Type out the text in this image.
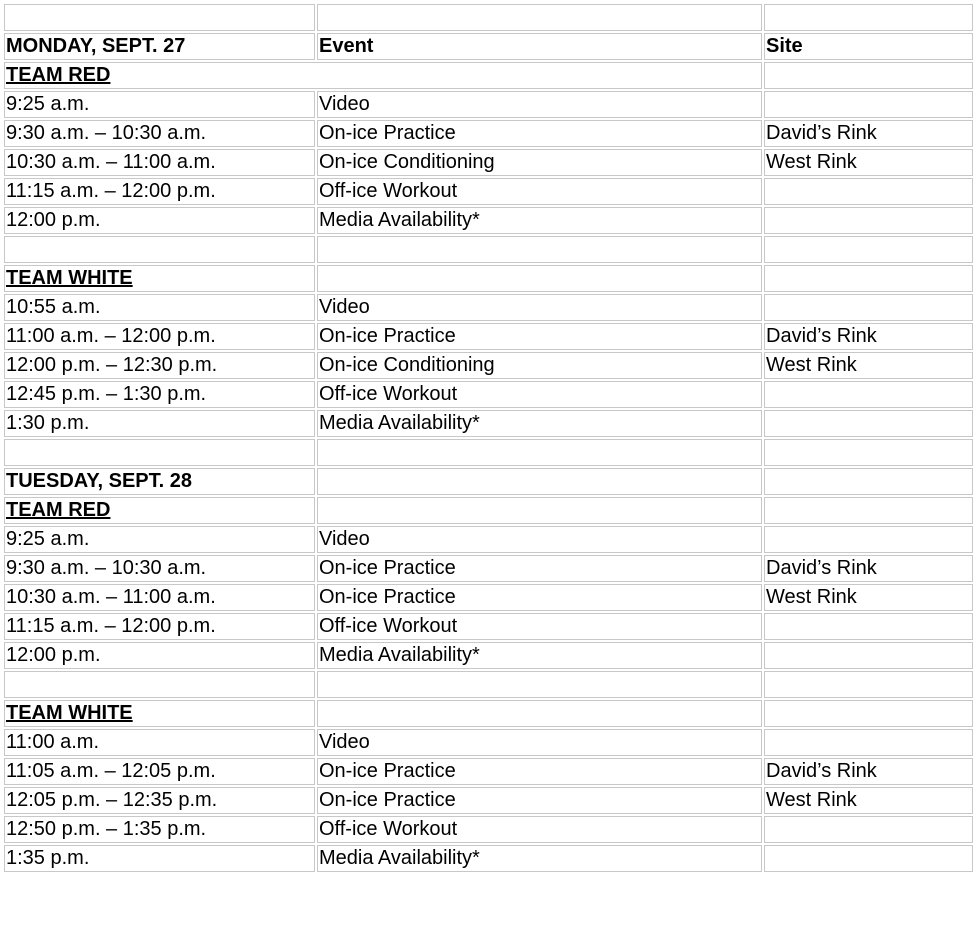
MONDAY, SEPT. 27	Event	Site
TEAM RED		
9:25 a.m.	Video	
9:30 a.m. – 10:30 a.m.	On-ice Practice	David’s Rink
10:30 a.m. – 11:00 a.m.	On-ice Conditioning	West Rink
11:15 a.m. – 12:00 p.m.	Off-ice Workout	
12:00 p.m.	Media Availability*	

TEAM WHITE		
10:55 a.m.	Video	
11:00 a.m. – 12:00 p.m.	On-ice Practice	David’s Rink
12:00 p.m. – 12:30 p.m.	On-ice Conditioning	West Rink
12:45 p.m. – 1:30 p.m.	Off-ice Workout	
1:30 p.m.	Media Availability*	

TUESDAY, SEPT. 28		
TEAM RED		
9:25 a.m.	Video	
9:30 a.m. – 10:30 a.m.	On-ice Practice	David’s Rink
10:30 a.m. – 11:00 a.m.	On-ice Practice	West Rink
11:15 a.m. – 12:00 p.m.	Off-ice Workout	
12:00 p.m.	Media Availability*	

TEAM WHITE		
11:00 a.m.	Video	
11:05 a.m. – 12:05 p.m.	On-ice Practice	David’s Rink
12:05 p.m. – 12:35 p.m.	On-ice Practice	West Rink
12:50 p.m. – 1:35 p.m.	Off-ice Workout	
1:35 p.m.	Media Availability*	
